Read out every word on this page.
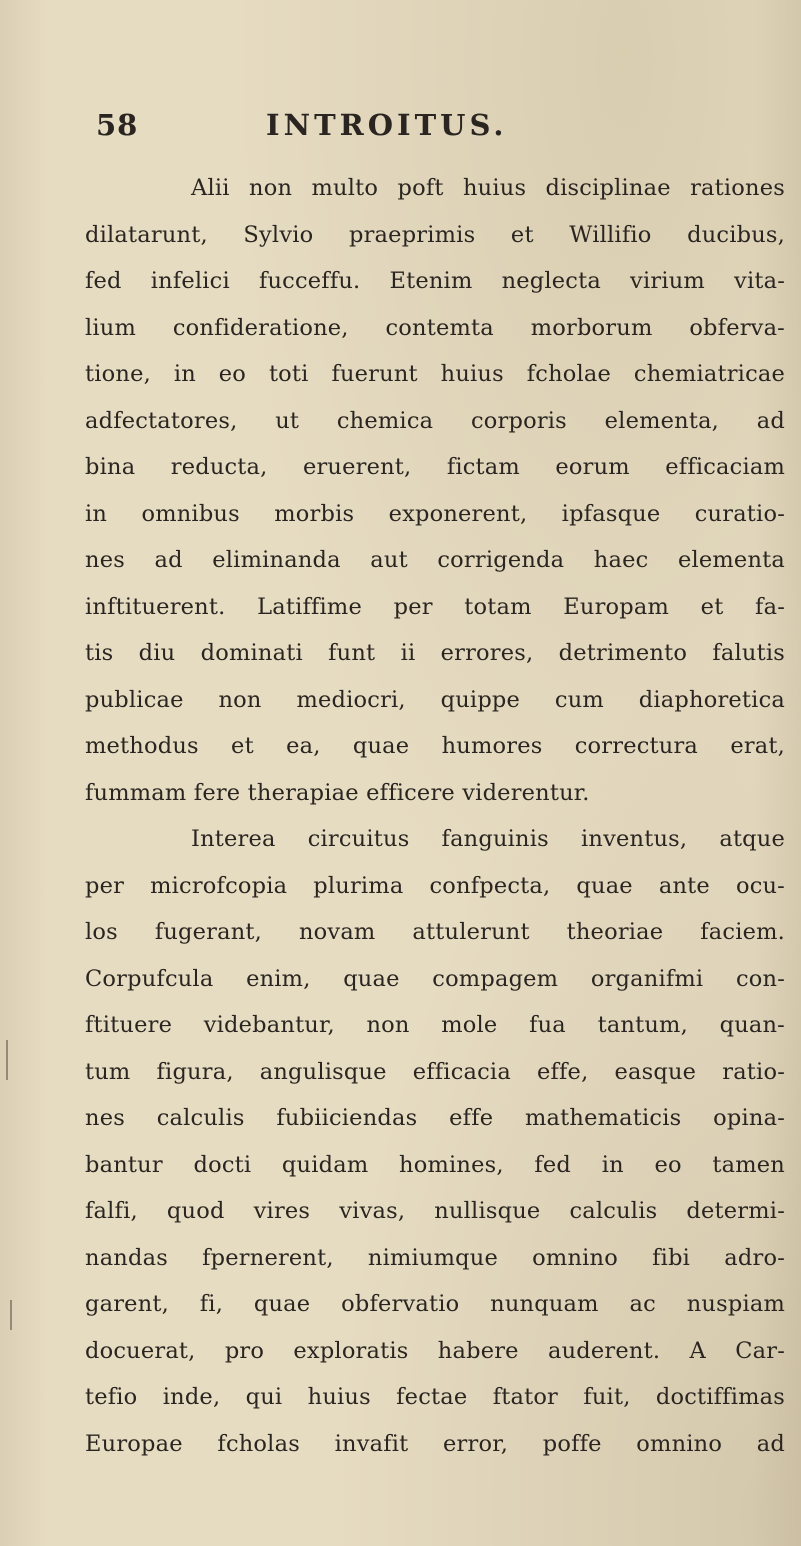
58	INTROITUS.
Alii non multo poft huius disciplinae rationes
dilatarunt, Sylvio praeprimis et Willifio ducibus,
fed infelici fucceffu. Etenim neglecta virium vita-
lium confideratione, contemta morborum obferva-
tione, in eo toti fuerunt huius fcholae chemiatricae
adfectatores, ut chemica corporis elementa, ad
bina reducta, eruerent, fictam eorum efficaciam
in omnibus morbis exponerent, ipfasque curatio-
nes ad eliminanda aut corrigenda haec elementa
inftituerent. Latiffime per totam Europam et fa-
tis diu dominati funt ii errores, detrimento falutis
publicae non mediocri, quippe cum diaphoretica
methodus et ea, quae humores correctura erat,
fummam fere therapiae efficere viderentur.
Interea circuitus fanguinis inventus, atque
per microfcopia plurima confpecta, quae ante ocu-
los fugerant, novam attulerunt theoriae faciem.
Corpufcula enim, quae compagem organifmi con-
ftituere videbantur, non mole fua tantum, quan-
tum figura, angulisque efficacia effe, easque ratio-
nes calculis fubiiciendas effe mathematicis opina-
bantur docti quidam homines, fed in eo tamen
falfi, quod vires vivas, nullisque calculis determi-
nandas fpernerent, nimiumque omnino fibi adro-
garent, fi, quae obfervatio nunquam ac nuspiam
docuerat, pro exploratis habere auderent. A Car-
tefio inde, qui huius fectae ftator fuit, doctiffimas
Europae fcholas invafit error, poffe omnino ad
